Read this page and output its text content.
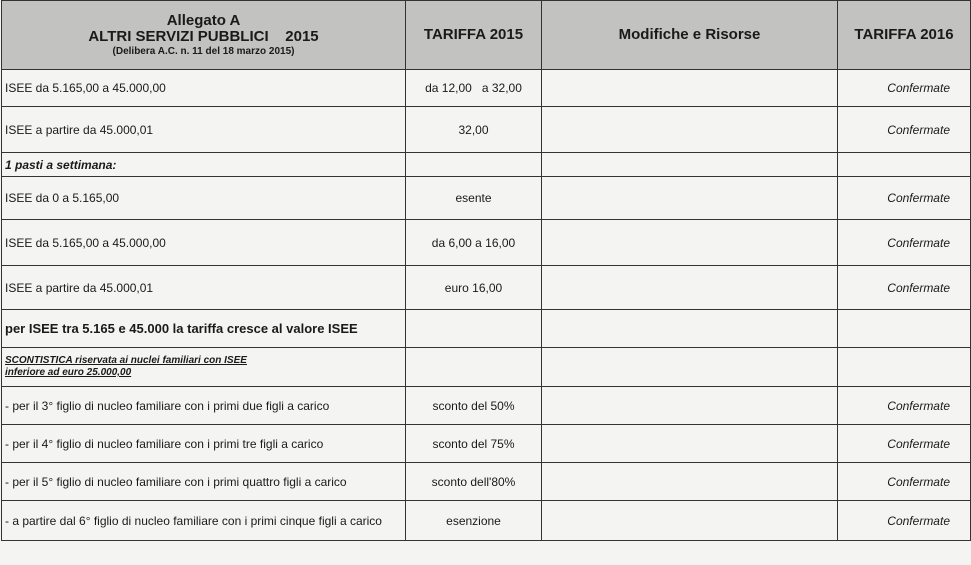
Allegato A
ALTRI SERVIZI PUBBLICI    2015
(Delibera A.C. n. 11 del 18 marzo 2015)	TARIFFA 2015	Modifiche e Risorse	TARIFFA 2016
ISEE da 5.165,00 a 45.000,00	da 12,00   a 32,00		Confermate
ISEE a partire da 45.000,01	32,00		Confermate
1 pasti a settimana:			
ISEE da 0 a 5.165,00	esente		Confermate
ISEE da 5.165,00 a 45.000,00	da 6,00 a 16,00		Confermate
ISEE a partire da 45.000,01	euro 16,00		Confermate
per ISEE tra 5.165 e 45.000 la tariffa cresce al valore ISEE			

SCONTISTICA riservata ai nuclei familiari con ISEE inferiore ad euro 25.000,00			

- per il 3° figlio di nucleo familiare con i primi due figli a carico	sconto del 50%		Confermate
- per il 4° figlio di nucleo familiare con i primi tre figli a carico	sconto del 75%		Confermate
- per il 5° figlio di nucleo familiare con i primi quattro figli a carico	sconto dell'80%		Confermate
- a partire dal 6° figlio di nucleo familiare con i primi cinque figli a carico	esenzione		Confermate
